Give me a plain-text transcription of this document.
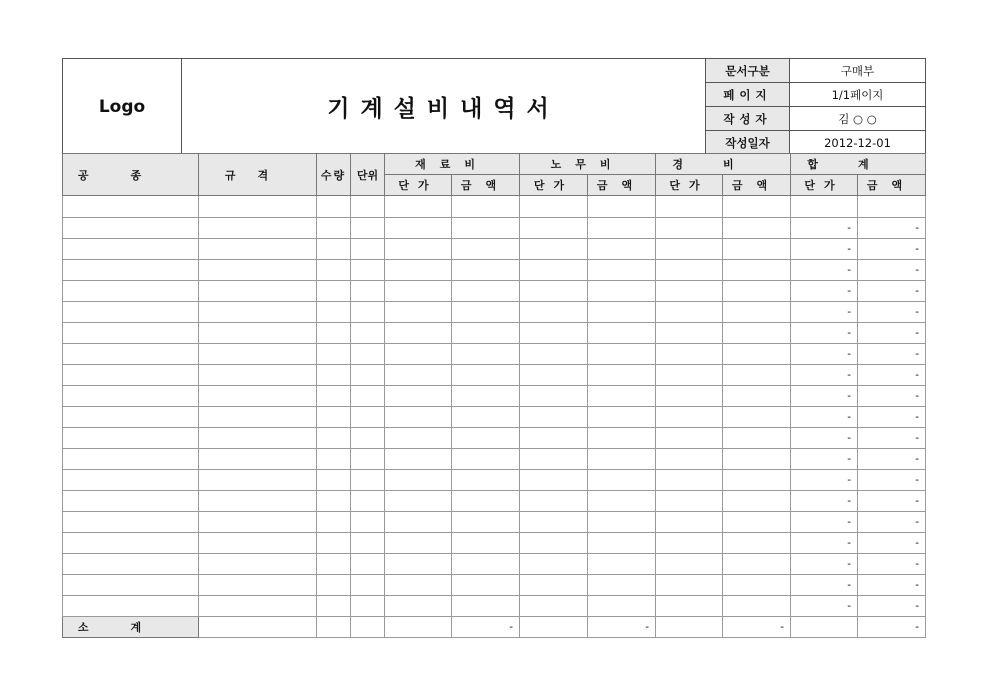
Logo	기계설비내역서	문서구분	구매부
		페이지	1/1페이지
		작성자	김 ○ ○
		작성일자	2012-12-01
공종	규격	수량	단위	재료비		노무비		경비		합계	
				단가	금액	단가	금액	단가	금액	단가	금액

										-	-
										-	-
										-	-
										-	-
										-	-
										-	-
										-	-
										-	-
										-	-
										-	-
										-	-
										-	-
										-	-
										-	-
										-	-
										-	-
										-	-
										-	-
										-	-
소계					-		-		-		-
